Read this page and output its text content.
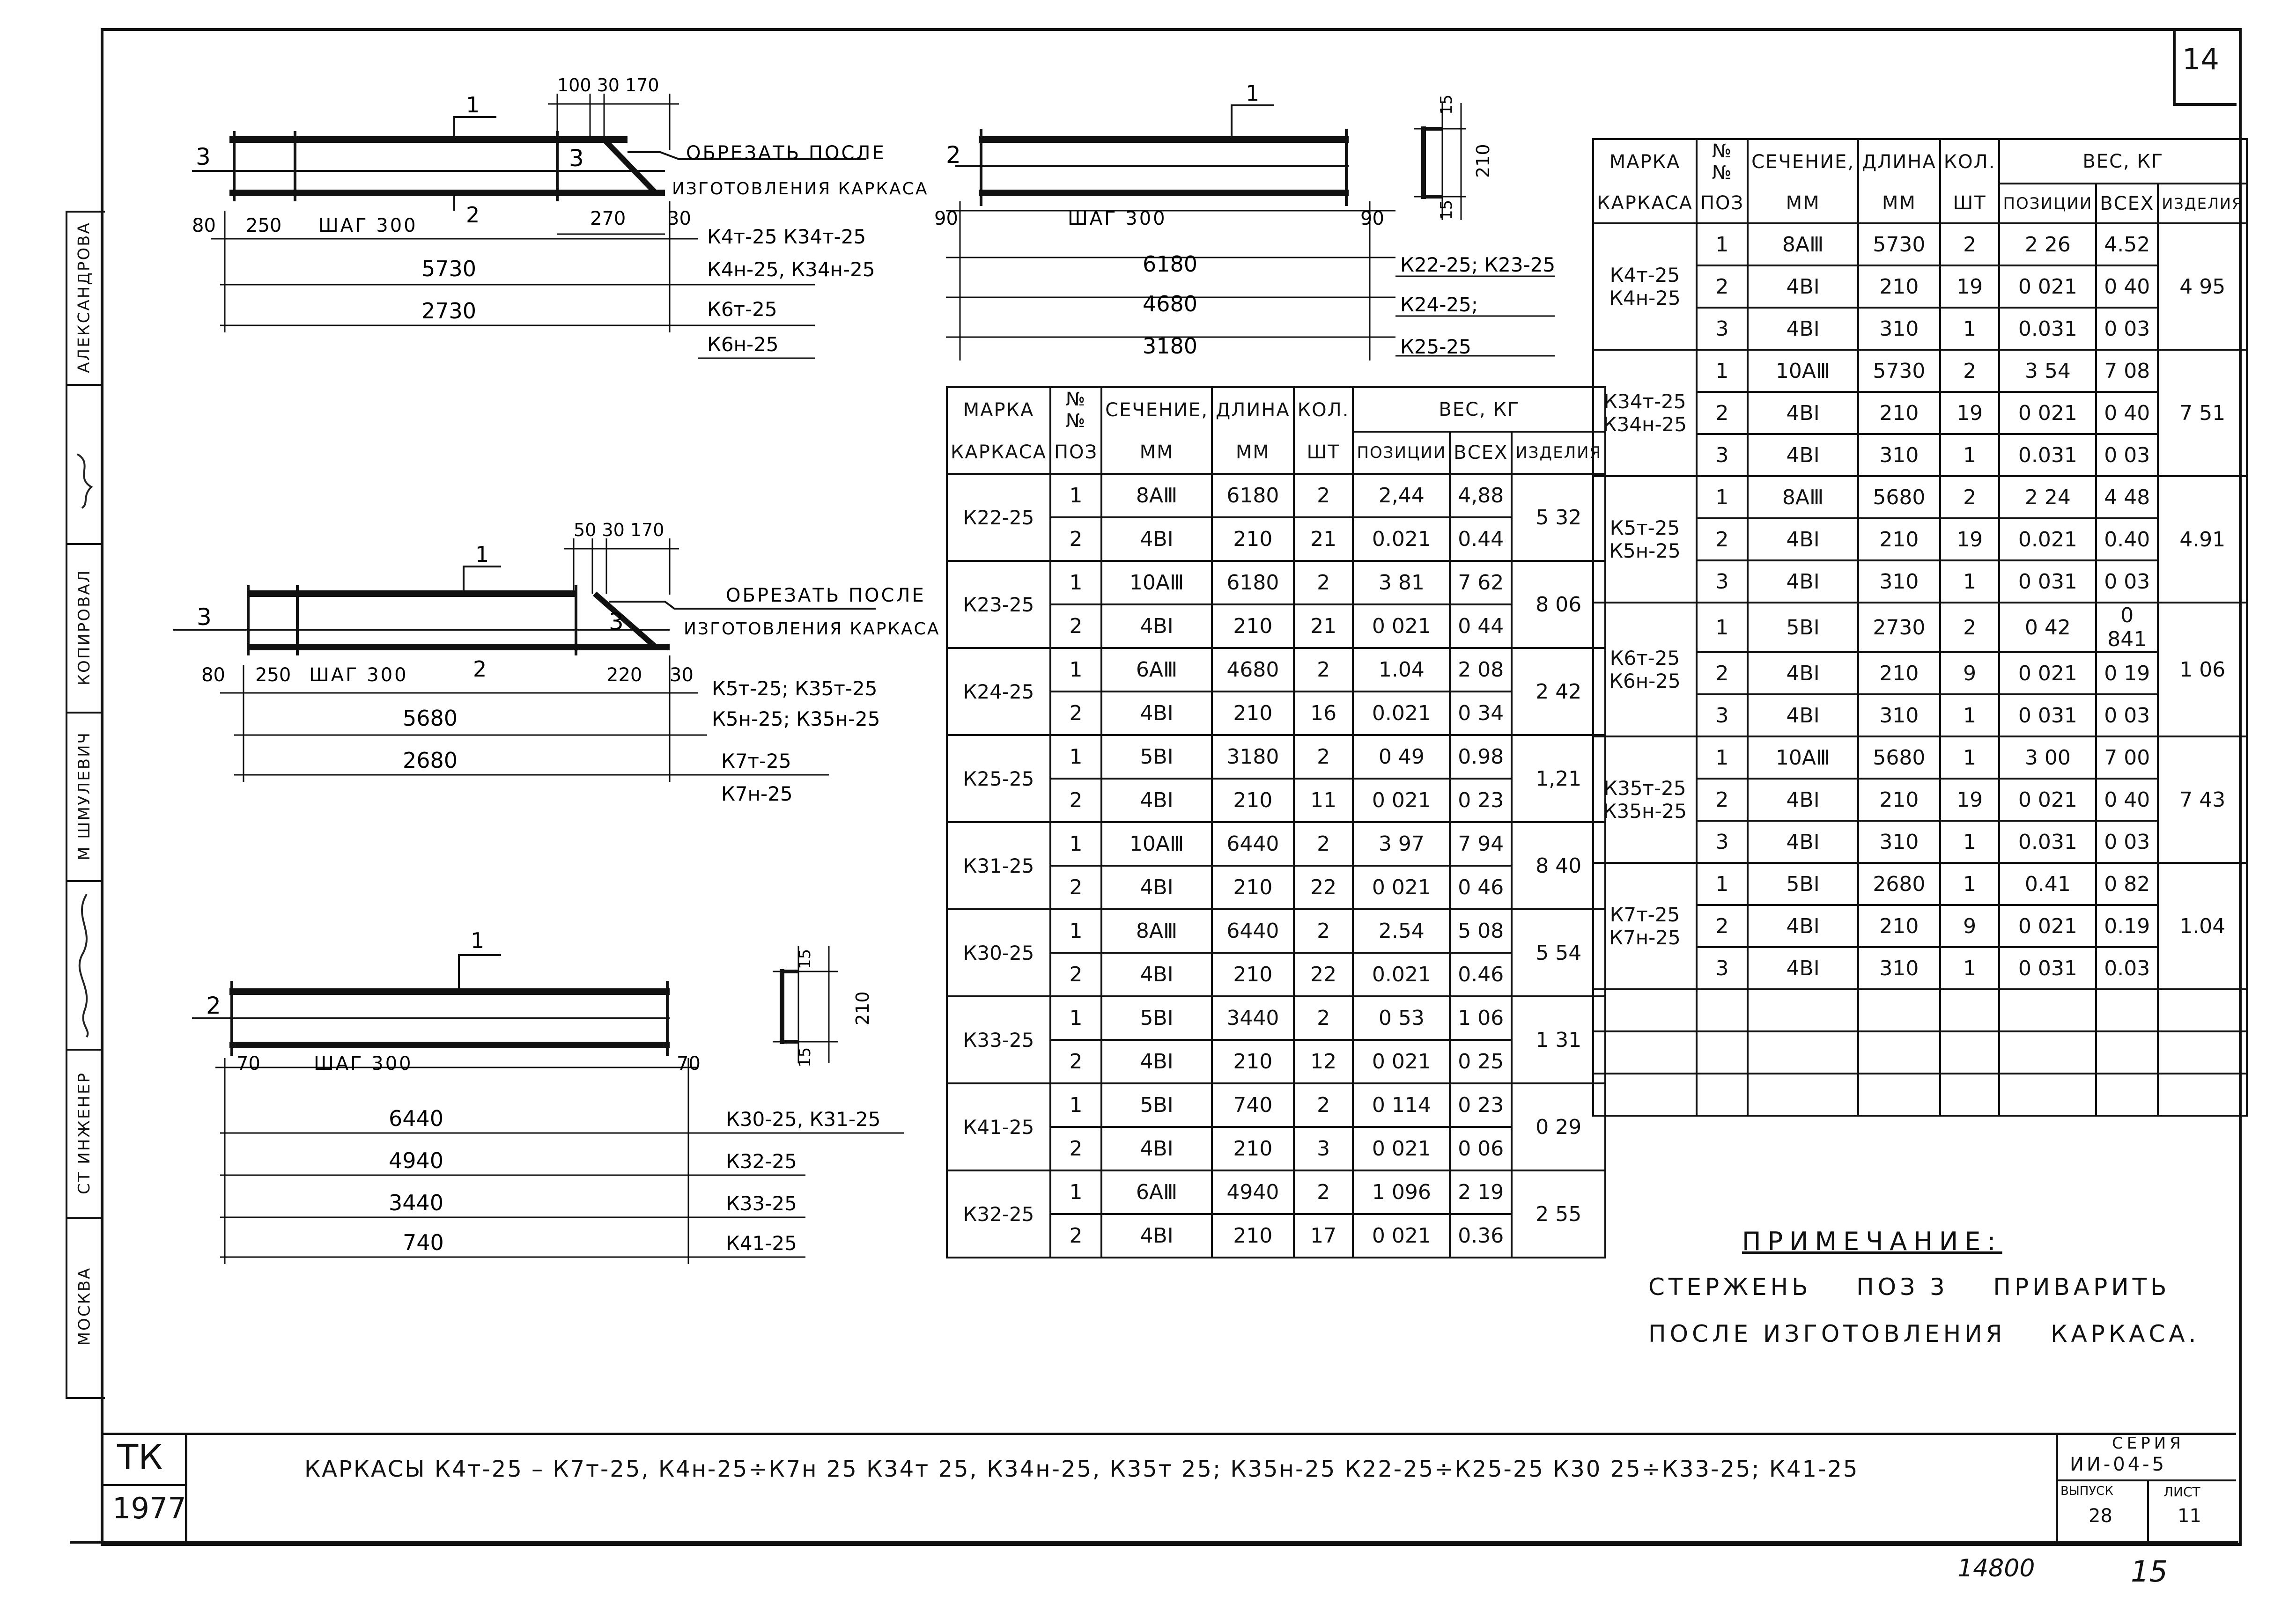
14
МОСКВА
СТ ИНЖЕНЕР
М ШМУЛЕВИЧ
КОПИРОВАЛ
АЛЕКСАНДРОВА
3
1
3
2
100 30 170
ОБРЕЗАТЬ ПОСЛЕ
ИЗГОТОВЛЕНИЯ КАРКАСА
80 250 ШАГ 300	270 30
5730
2730
К4т-25 К34т-25
К4н-25, К34н-25
К6т-25
К6н-25
2
1
ШАГ 300
90	90
6180
4680
3180
К22-25; К23-25
К24-25;
К25-25
15
210
15
3
1
3
2
50 30 170
ОБРЕЗАТЬ ПОСЛЕ
ИЗГОТОВЛЕНИЯ КАРКАСА
80 250 ШАГ 300	220 30
5680
2680
К5т-25; К35т-25
К5н-25; К35н-25
К7т-25
К7н-25
2
1
ШАГ 300
70	70
6440
4940
3440
740
К30-25, К31-25
К32-25
К33-25
К41-25
15
210
15
МАРКА	№ №	СЕЧЕНИЕ,	ДЛИНА	КОЛ.	ВЕС, КГ		
КАРКАСА	ПОЗ	ММ	ММ	ШТ	ПОЗИЦИИ	ВСЕХ	ИЗДЕЛИЯ
К22-25	1	8АⅢ	6180	2	2,44	4,88	5 32
	2	4ВI	210	21	0.021	0.44	
К23-25	1	10АⅢ	6180	2	3 81	7 62	8 06
	2	4ВI	210	21	0 021	0 44	
К24-25	1	6АⅢ	4680	2	1.04	2 08	2 42
	2	4ВI	210	16	0.021	0 34	
К25-25	1	5ВI	3180	2	0 49	0.98	1,21
	2	4ВI	210	11	0 021	0 23	
К31-25	1	10АⅢ	6440	2	3 97	7 94	8 40
	2	4ВI	210	22	0 021	0 46	
К30-25	1	8АⅢ	6440	2	2.54	5 08	5 54
	2	4ВI	210	22	0.021	0.46	
К33-25	1	5ВI	3440	2	0 53	1 06	1 31
	2	4ВI	210	12	0 021	0 25	
К41-25	1	5ВI	740	2	0 114	0 23	0 29
	2	4ВI	210	3	0 021	0 06	
К32-25	1	6АⅢ	4940	2	1 096	2 19	2 55
	2	4ВI	210	17	0 021	0.36	
МАРКА	№ №	СЕЧЕНИЕ,	ДЛИНА	КОЛ.	ВЕС, КГ		
КАРКАСА	ПОЗ	ММ	ММ	ШТ	ПОЗИЦИИ	ВСЕХ	ИЗДЕЛИЯ
К4т-25 К4н-25	1	8АⅢ	5730	2	2 26	4.52	4 95
	2	4ВI	210	19	0 021	0 40	
	3	4ВI	310	1	0.031	0 03	
К34т-25 К34н-25	1	10АⅢ	5730	2	3 54	7 08	7 51
	2	4ВI	210	19	0 021	0 40	
	3	4ВI	310	1	0.031	0 03	
К5т-25 К5н-25	1	8АⅢ	5680	2	2 24	4 48	4.91
	2	4ВI	210	19	0.021	0.40	
	3	4ВI	310	1	0 031	0 03	
К6т-25 К6н-25	1	5ВI	2730	2	0 42	0 841	1 06
	2	4ВI	210	9	0 021	0 19	
	3	4ВI	310	1	0 031	0 03	
К35т-25 К35н-25	1	10АⅢ	5680	1	3 00	7 00	7 43
	2	4ВI	210	19	0 021	0 40	
	3	4ВI	310	1	0.031	0 03	
К7т-25 К7н-25	1	5ВI	2680	1	0.41	0 82	1.04
	2	4ВI	210	9	0 021	0.19	
	3	4ВI	310	1	0 031	0.03	

ПРИМЕЧАНИЕ:
СТЕРЖЕНЬ    ПОЗ 3    ПРИВАРИТЬ
ПОСЛЕ ИЗГОТОВЛЕНИЯ    КАРКАСА.
ТК
1977
КАРКАСЫ К4т-25 – К7т-25, К4н-25÷К7н 25 К34т 25, К34н-25, К35т 25; К35н-25 К22-25÷К25-25 К30 25÷К33-25; К41-25
СЕРИЯ
ИИ-04-5
ВЫПУСК
28
ЛИСТ
11
14800	15
